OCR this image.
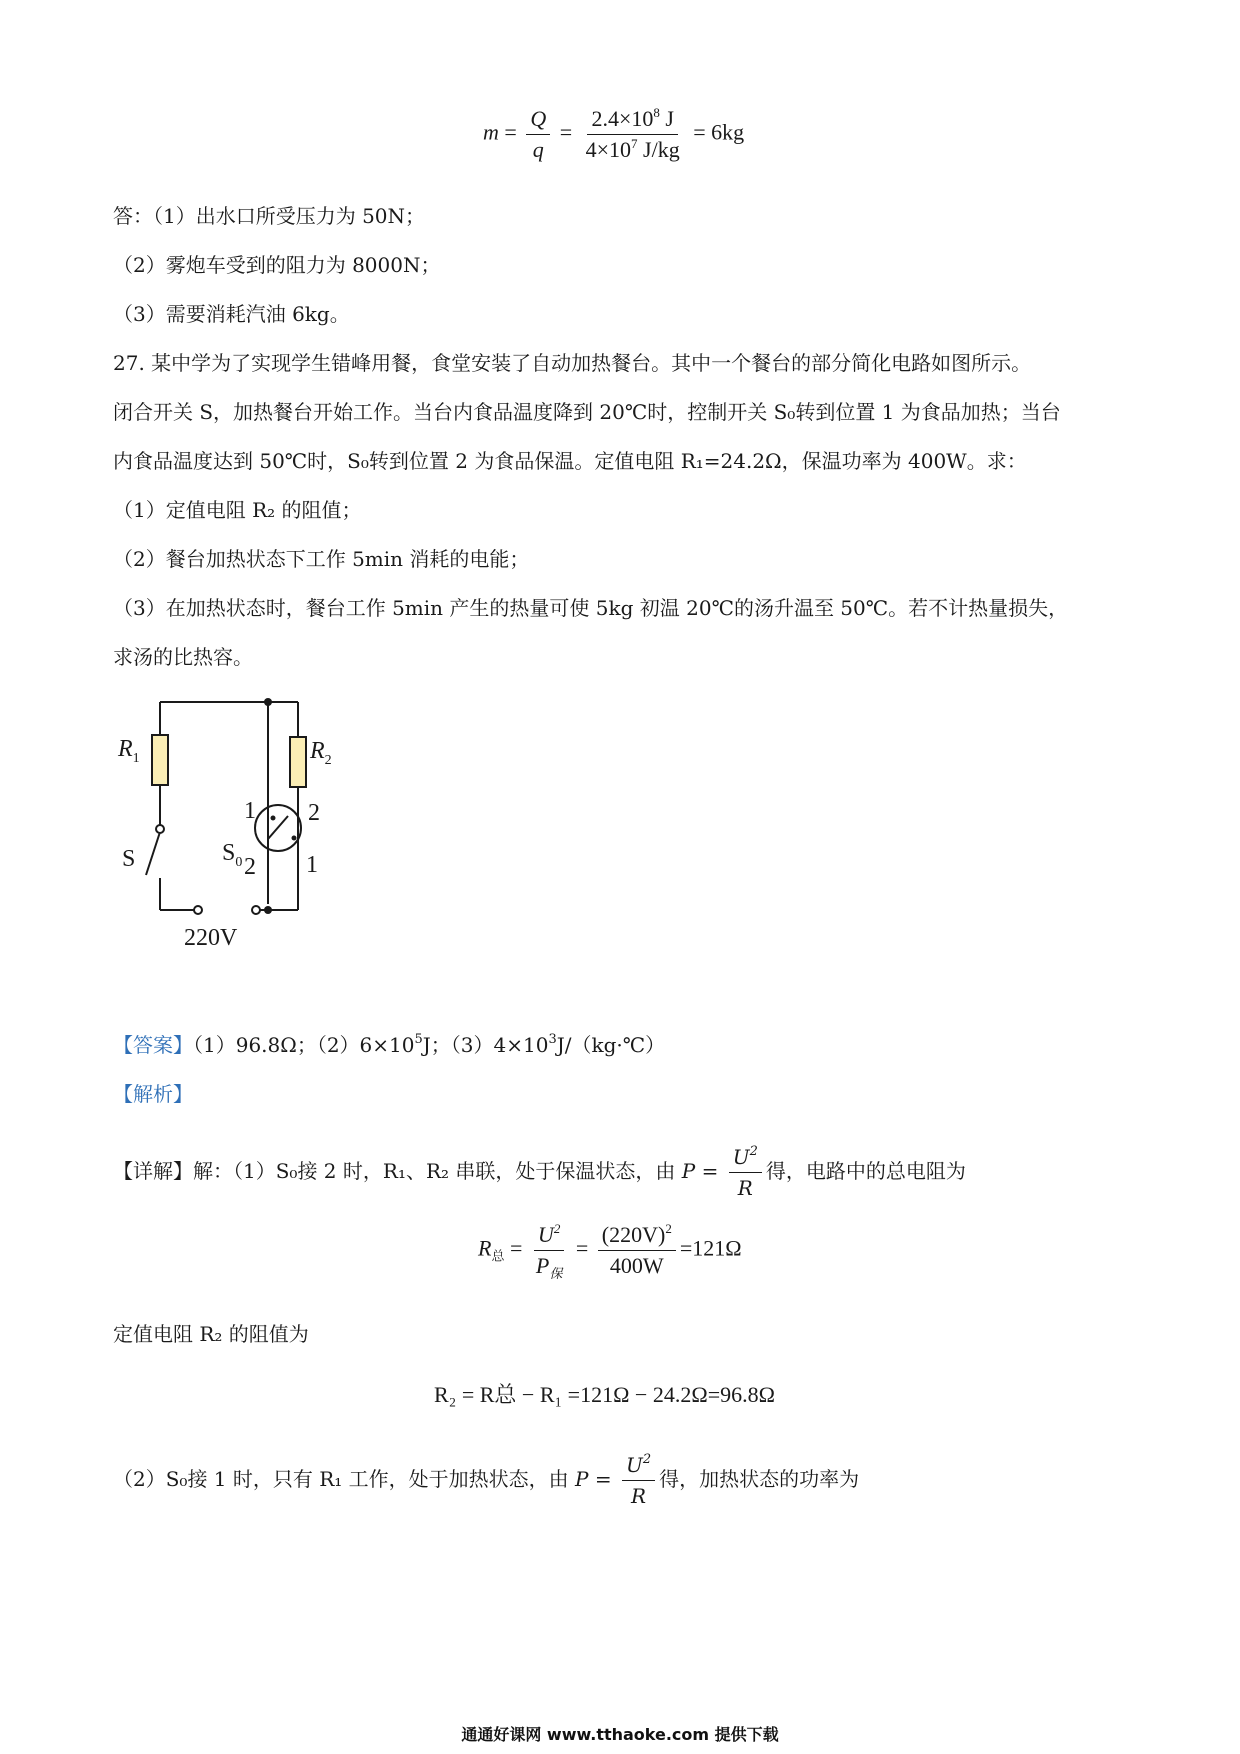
$m = \frac{Q}{q} = \frac{2.4\times 10^8 J}{4\times 10^7 J/kg} = 6kg$
答：（1）出水口所受压力为 50N；
（2）雾炮车受到的阻力为 8000N；
（3）需要消耗汽油 6kg。
27. 某中学为了实现学生错峰用餐，食堂安装了自动加热餐台。其中一个餐台的部分简化电路如图所示。
闭合开关 S，加热餐台开始工作。当台内食品温度降到 20℃时，控制开关 S₀转到位置 1 为食品加热；当台
内食品温度达到 50℃时，S₀转到位置 2 为食品保温。定值电阻 R₁=24.2Ω，保温功率为 400W。求：
（1）定值电阻 R₂ 的阻值；
（2）餐台加热状态下工作 5min 消耗的电能；
（3）在加热状态时，餐台工作 5min 产生的热量可使 5kg 初温 20℃的汤升温至 50℃。若不计热量损失，
求汤的比热容。
$R_1$	$R_2$
S	$S_0$
1 2
2 1
220V
【答案】（1）96.8Ω；$(2)6\times 10^5J$；$(3)4\times 10^3J/(kg\cdot℃)$
【解析】
【详解】解：（1）S₀接 2 时，R₁、R₂ 串联，处于保温状态，由 $P = \frac{U^2}{R}$ 得，电路中的总电阻为
$R_总 = \frac{U^2}{P_保} = \frac{(220V)^2}{400W} =121\Omega$
定值电阻 R₂ 的阻值为
R₂ = R总 − R₁ =121Ω − 24.2Ω=96.8Ω
（2）S₀接 1 时，只有 R₁ 工作，处于加热状态，由 $P = \frac{U^2}{R}$ 得，加热状态的功率为
通通好课网 www.tthaoke.com 提供下载
